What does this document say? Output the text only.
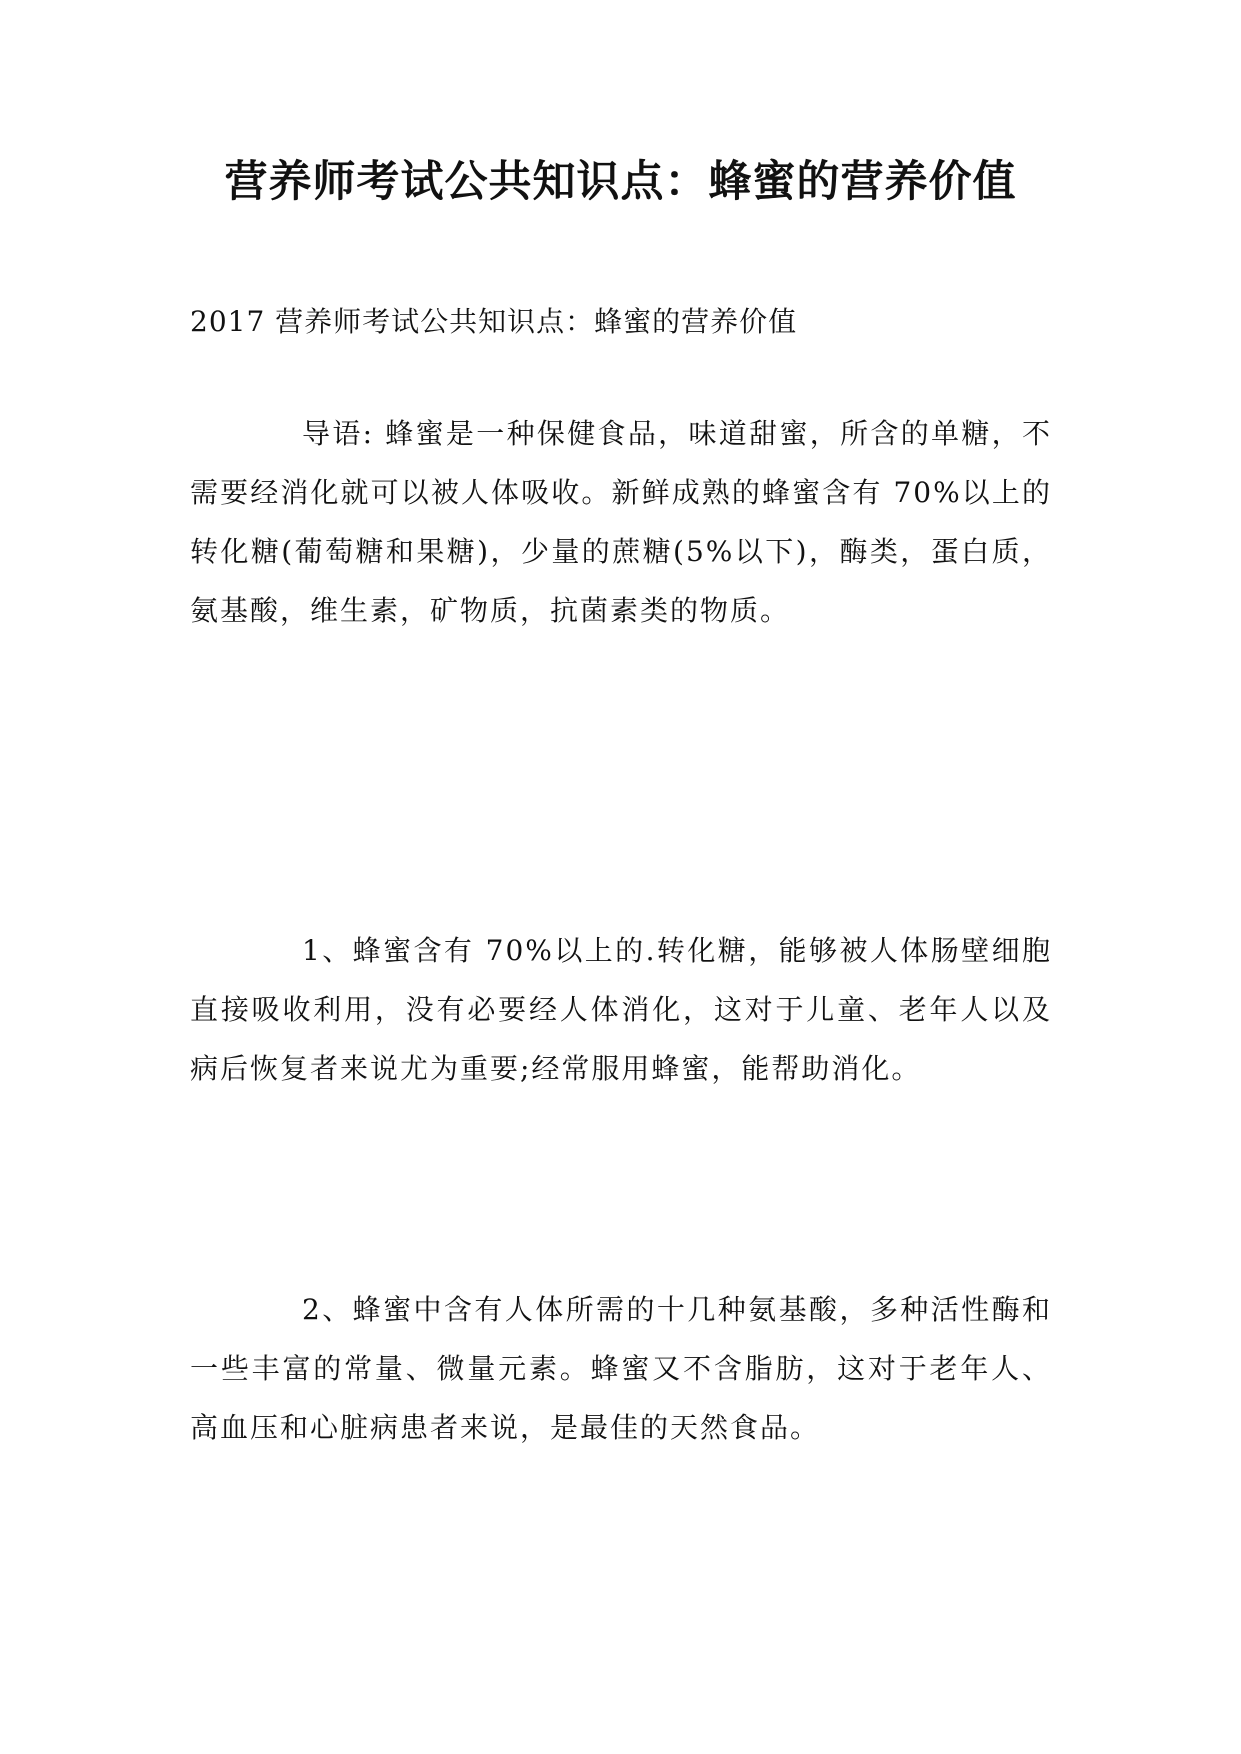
营养师考试公共知识点：蜂蜜的营养价值

2017 营养师考试公共知识点：蜂蜜的营养价值

导语: 蜂蜜是一种保健食品，味道甜蜜，所含的单糖，不需要经消化就可以被人体吸收。新鲜成熟的蜂蜜含有 70%以上的转化糖(葡萄糖和果糖)，少量的蔗糖(5%以下)，酶类，蛋白质，氨基酸，维生素，矿物质，抗菌素类的物质。

1、蜂蜜含有 70%以上的.转化糖，能够被人体肠壁细胞直接吸收利用，没有必要经人体消化，这对于儿童、老年人以及病后恢复者来说尤为重要;经常服用蜂蜜，能帮助消化。

2、蜂蜜中含有人体所需的十几种氨基酸，多种活性酶和一些丰富的常量、微量元素。蜂蜜又不含脂肪，这对于老年人、高血压和心脏病患者来说，是最佳的天然食品。
